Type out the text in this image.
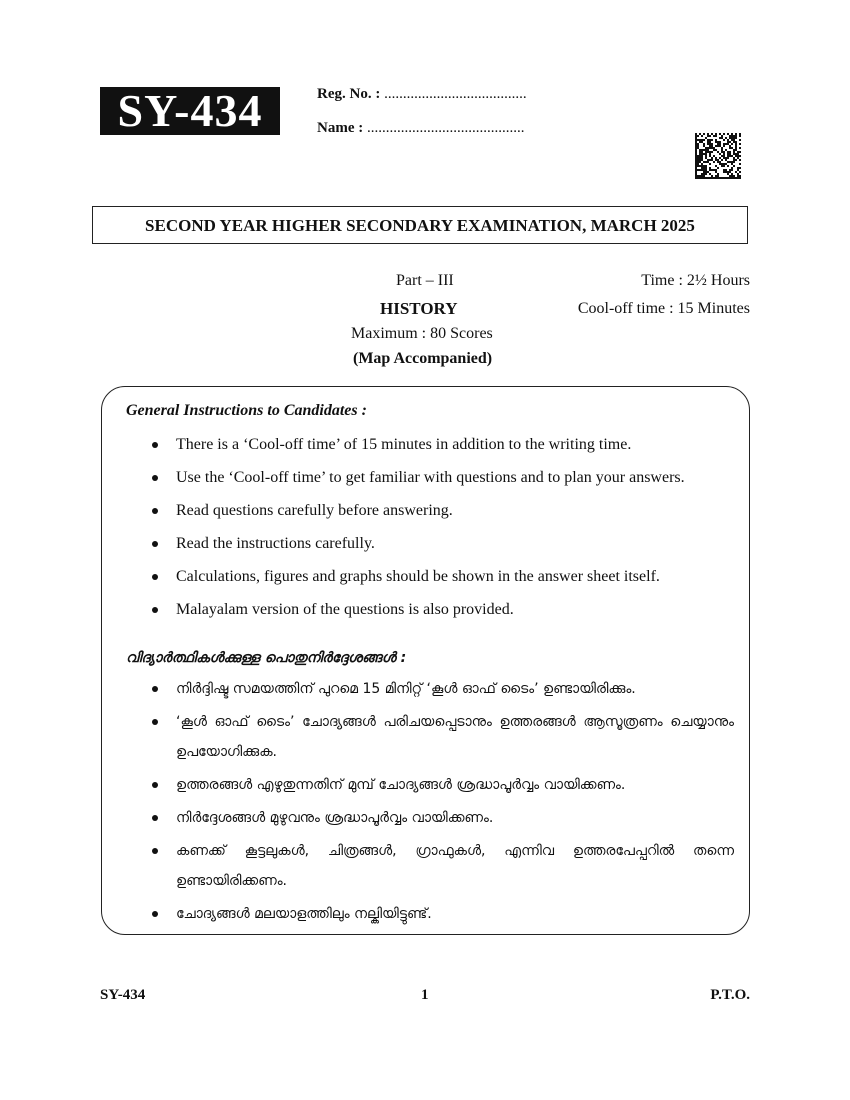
SY-434	Reg. No. : ......................................
Name : ..........................................
SECOND YEAR HIGHER SECONDARY EXAMINATION, MARCH 2025
Part – III	Time : 2½ Hours
HISTORY	Cool-off time : 15 Minutes
Maximum : 80 Scores
(Map Accompanied)
General Instructions to Candidates :
There is a ‘Cool-off time’ of 15 minutes in addition to the writing time.
Use the ‘Cool-off time’ to get familiar with questions and to plan your answers.
Read questions carefully before answering.
Read the instructions carefully.
Calculations, figures and graphs should be shown in the answer sheet itself.
Malayalam version of the questions is also provided.
വിദ്യാർത്ഥികൾക്കുള്ള പൊതുനിർദ്ദേശങ്ങൾ :
നിർദ്ദിഷ്ട സമയത്തിന് പുറമെ 15 മിനിറ്റ് ‘കൂൾ ഓഫ് ടൈം’ ഉണ്ടായിരിക്കും.
‘കൂൾ ഓഫ് ടൈം’ ചോദ്യങ്ങൾ പരിചയപ്പെടാനും ഉത്തരങ്ങൾ ആസൂത്രണം ചെയ്യാനും ഉപയോഗിക്കുക.
ഉത്തരങ്ങൾ എഴുതുന്നതിന് മുമ്പ് ചോദ്യങ്ങൾ ശ്രദ്ധാപൂർവ്വം വായിക്കണം.
നിർദ്ദേശങ്ങൾ മുഴുവനും ശ്രദ്ധാപൂർവ്വം വായിക്കണം.
കണക്ക് കൂട്ടലുകൾ, ചിത്രങ്ങൾ, ഗ്രാഫുകൾ, എന്നിവ ഉത്തരപേപ്പറിൽ തന്നെ ഉണ്ടായിരിക്കണം.
ചോദ്യങ്ങൾ മലയാളത്തിലും നല്കിയിട്ടുണ്ട്.
SY-434	1	P.T.O.
